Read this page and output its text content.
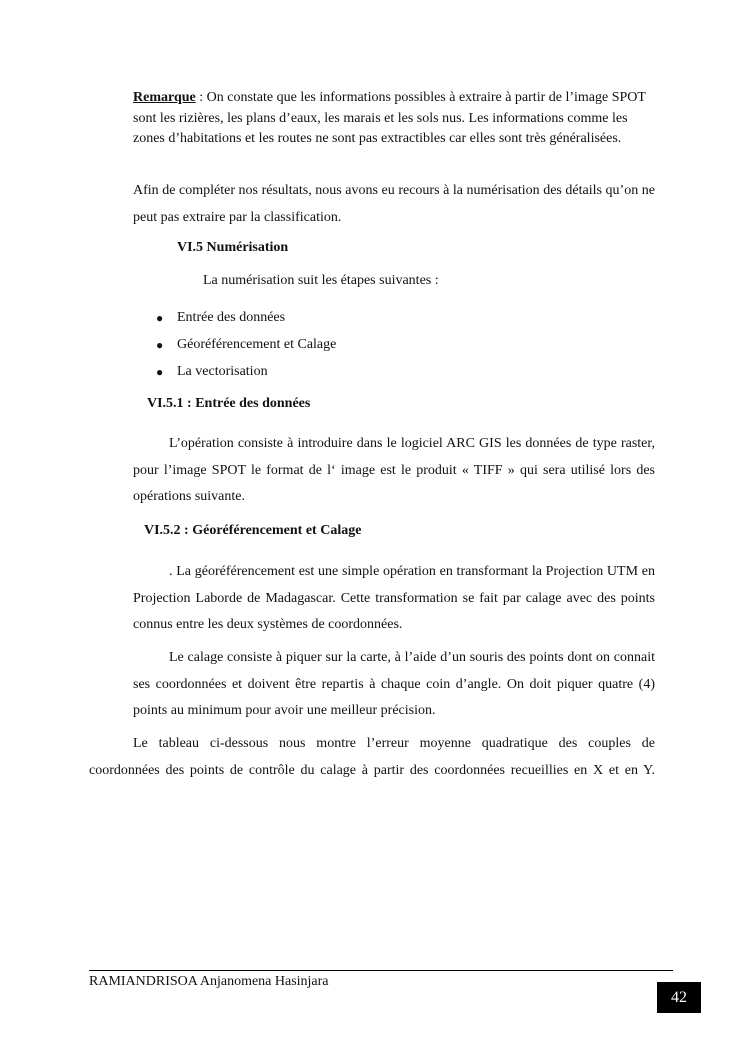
Remarque : On constate que les informations possibles à extraire à partir de l’image SPOT sont les rizières, les plans d’eaux, les marais et les sols nus. Les informations comme les zones d’habitations et les routes ne sont pas extractibles car elles sont très généralisées.
Afin de compléter nos résultats, nous avons eu recours à la numérisation des détails qu’on ne peut pas extraire par la classification.
VI.5 Numérisation
La numérisation suit les étapes suivantes :
● Entrée des données
● Géoréférencement et Calage
● La vectorisation
VI.5.1 : Entrée des données
L’opération consiste à introduire dans le logiciel ARC GIS les données de type raster, pour l’image SPOT le format de l‘ image est le produit « TIFF » qui sera utilisé lors des opérations suivante.
VI.5.2 : Géoréférencement et Calage
. La géoréférencement est une simple opération en transformant la Projection UTM en Projection Laborde de Madagascar. Cette transformation se fait par calage avec des points connus entre les deux systèmes de coordonnées.
Le calage consiste à piquer sur la carte, à l’aide d’un souris des points dont on connait ses coordonnées et doivent être repartis à chaque coin d’angle. On doit piquer quatre (4) points au minimum pour avoir une meilleur précision.
Le tableau ci-dessous nous montre l’erreur moyenne quadratique des couples de
coordonnées des points de contrôle du calage à partir des coordonnées recueillies en X et en Y.
RAMIANDRISOA Anjanomena Hasinjara
42
